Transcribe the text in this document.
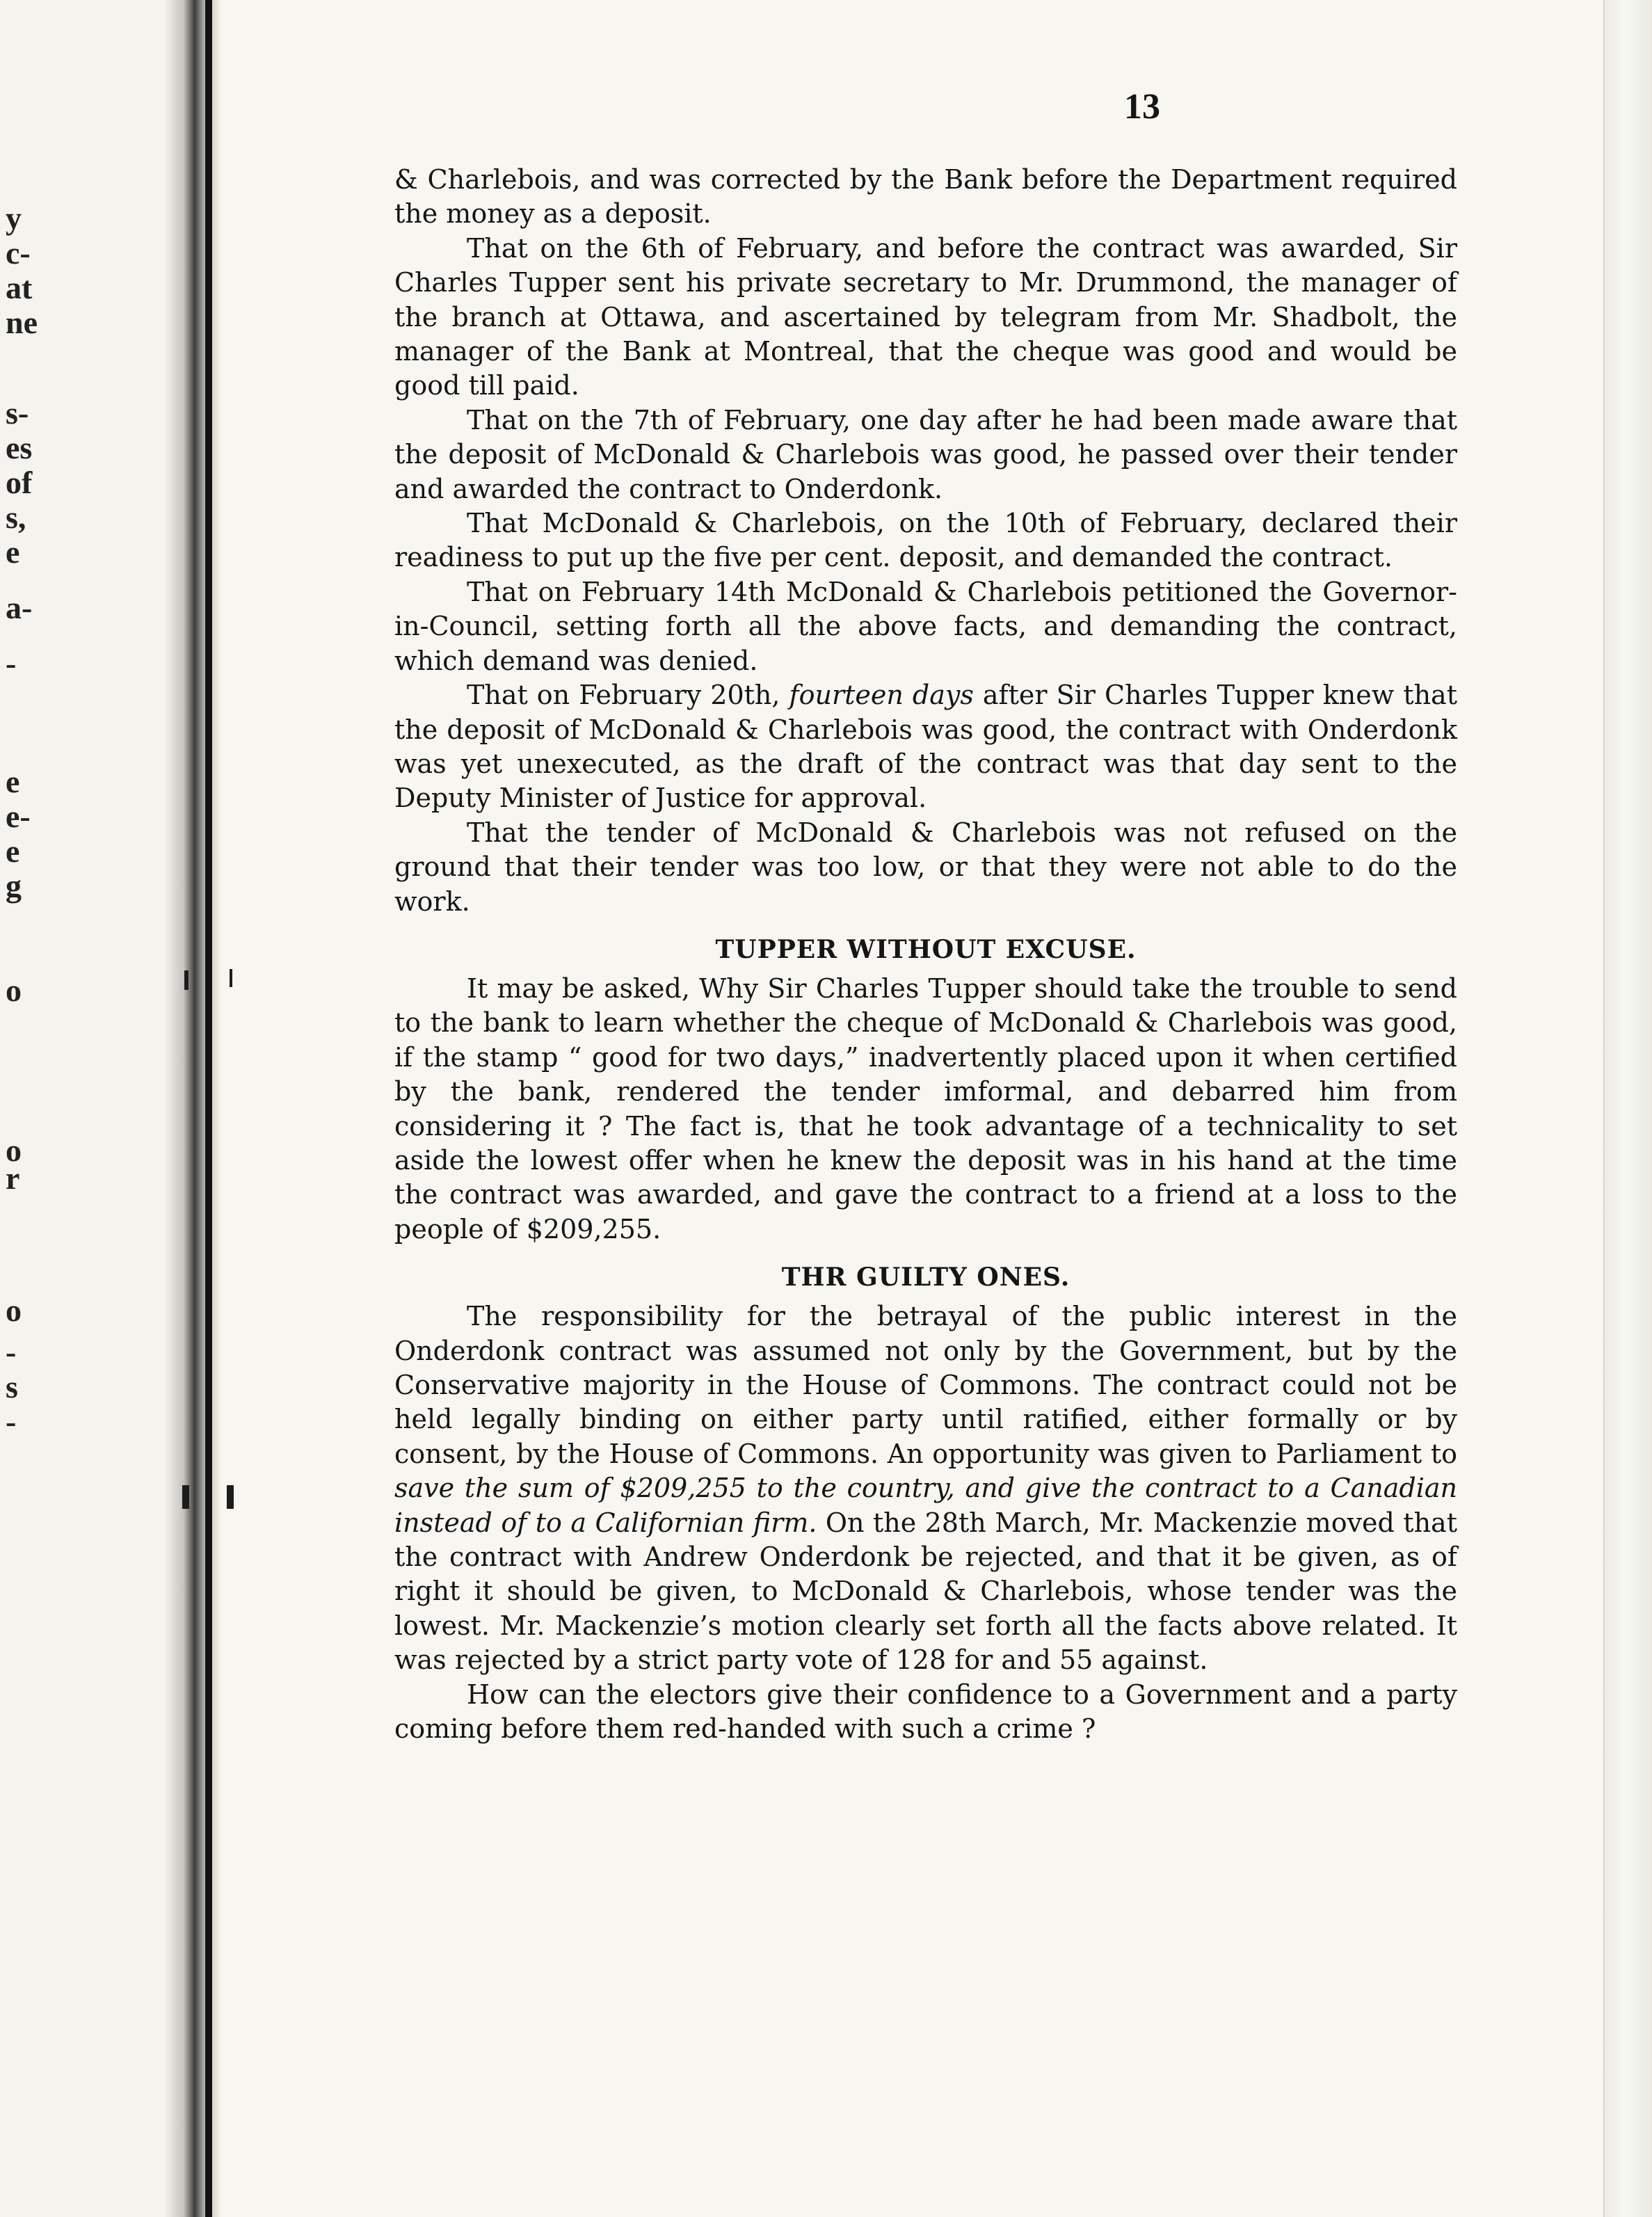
y
c-
at
ne
s-
es
of
s,
e
a-
-
e
e-
e
g
o
o
r
o
-
s
-
13

& Charlebois, and was corrected by the Bank before the Department required the money as a deposit.

That on the 6th of February, and before the contract was awarded, Sir Charles Tupper sent his private secretary to Mr. Drummond, the manager of the branch at Ottawa, and ascertained by telegram from Mr. Shadbolt, the manager of the Bank at Montreal, that the cheque was good and would be good till paid.

That on the 7th of February, one day after he had been made aware that the deposit of McDonald & Charlebois was good, he passed over their tender and awarded the contract to Onderdonk.

That McDonald & Charlebois, on the 10th of February, declared their readiness to put up the five per cent. deposit, and demanded the contract.

That on February 14th McDonald & Charlebois petitioned the Governor-in-Council, setting forth all the above facts, and demanding the contract, which demand was denied.

That on February 20th, fourteen days after Sir Charles Tupper knew that the deposit of McDonald & Charlebois was good, the contract with Onderdonk was yet unexecuted, as the draft of the contract was that day sent to the Deputy Minister of Justice for approval.

That the tender of McDonald & Charlebois was not refused on the ground that their tender was too low, or that they were not able to do the work.

TUPPER WITHOUT EXCUSE.

It may be asked, Why Sir Charles Tupper should take the trouble to send to the bank to learn whether the cheque of McDonald & Charlebois was good, if the stamp “ good for two days,” inadvertently placed upon it when certified by the bank, rendered the tender imformal, and debarred him from considering it ? The fact is, that he took advantage of a technicality to set aside the lowest offer when he knew the deposit was in his hand at the time the contract was awarded, and gave the contract to a friend at a loss to the people of $209,255.

THR GUILTY ONES.

The responsibility for the betrayal of the public interest in the Onderdonk contract was assumed not only by the Government, but by the Conservative majority in the House of Commons. The contract could not be held legally binding on either party until ratified, either formally or by consent, by the House of Commons. An opportunity was given to Parliament to save the sum of $209,255 to the country, and give the contract to a Canadian instead of to a Californian firm. On the 28th March, Mr. Mackenzie moved that the contract with Andrew Onderdonk be rejected, and that it be given, as of right it should be given, to McDonald & Charlebois, whose tender was the lowest. Mr. Mackenzie’s motion clearly set forth all the facts above related. It was rejected by a strict party vote of 128 for and 55 against.

How can the electors give their confidence to a Government and a party coming before them red-handed with such a crime ?
